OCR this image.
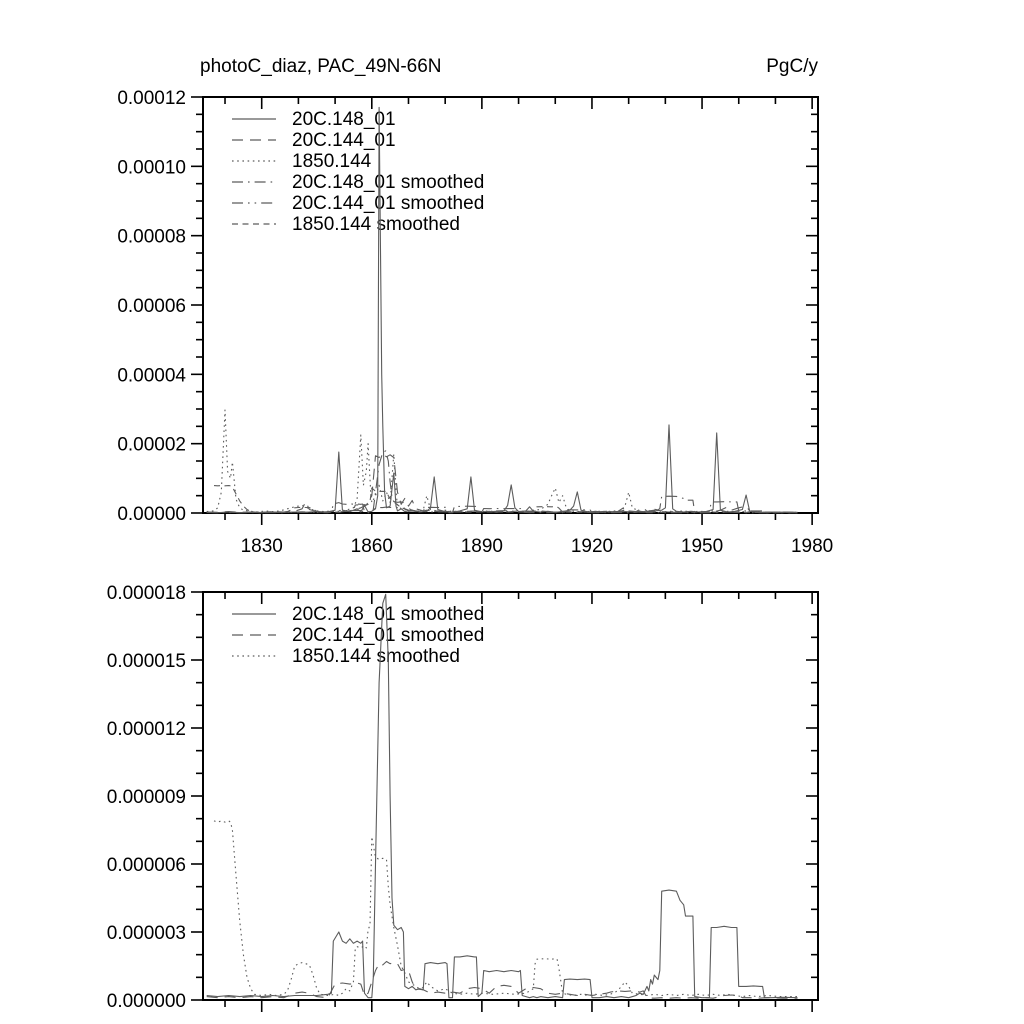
1830	1860	1890	1920	1950	1980
0.00000
0.00002
0.00004
0.00006
0.00008
0.00010
0.00012
20C.148_01
20C.144_01
1850.144
20C.148_01 smoothed
20C.144_01 smoothed
1850.144 smoothed
0.000000
0.000003
0.000006
0.000009
0.000012
0.000015
0.000018
20C.148_01 smoothed
20C.144_01 smoothed
1850.144 smoothed
photoC_diaz, PAC_49N-66N	PgC/y
